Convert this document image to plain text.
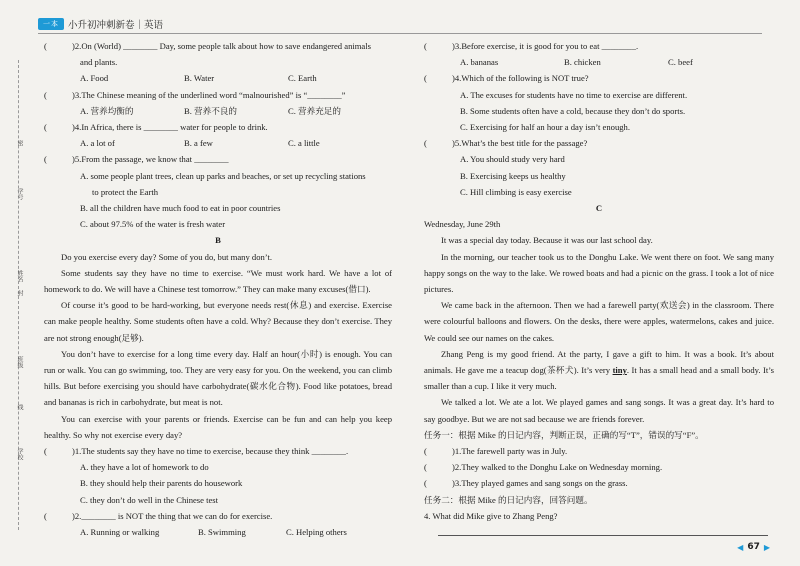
一本 小升初冲刺新卷｜英语
密
学号
姓名
封
班级
线
学校
(	)2. On (World) ________ Day, some people talk about how to save endangered animals
and plants.
A. Food	B. Water	C. Earth
(	)3. The Chinese meaning of the underlined word “malnourished” is “________”
A. 营养均衡的	B. 营养不良的	C. 营养充足的
(	)4. In Africa, there is ________ water for people to drink.
A. a lot of	B. a few	C. a little
(	)5. From the passage, we know that ________
A. some people plant trees, clean up parks and beaches, or set up recycling stations
to protect the Earth
B. all the children have much food to eat in poor countries
C. about 97.5% of the water is fresh water
B
Do you exercise every day? Some of you do, but many don’t.
Some students say they have no time to exercise. “We must work hard. We have a lot of homework to do. We will have a Chinese test tomorrow.” They can make many excuses(借口).
Of course it’s good to be hard-working, but everyone needs rest(休息) and exercise. Exercise can make people healthy. Some students often have a cold. Why? Because they don’t exercise. They are not strong enough(足够).
You don’t have to exercise for a long time every day. Half an hour(小时) is enough. You can run or walk. You can go swimming, too. They are very easy for you. On the weekend, you can climb hills. But before exercising you should have carbohydrate(碳水化合物). Food like potatoes, bread and bananas is rich in carbohydrate, but meat is not.
You can exercise with your parents or friends. Exercise can be fun and can help you keep healthy. So why not exercise every day?
(	)1. The students say they have no time to exercise, because they think ________.
A. they have a lot of homework to do
B. they should help their parents do housework
C. they don’t do well in the Chinese test
(	)2. ________ is NOT the thing that we can do for exercise.
A. Running or walking	B. Swimming	C. Helping others
(	)3. Before exercise, it is good for you to eat ________.
A. bananas	B. chicken	C. beef
(	)4. Which of the following is NOT true?
A. The excuses for students have no time to exercise are different.
B. Some students often have a cold, because they don’t do sports.
C. Exercising for half an hour a day isn’t enough.
(	)5. What’s the best title for the passage?
A. You should study very hard
B. Exercising keeps us healthy
C. Hill climbing is easy exercise
C
Wednesday, June 29th
It was a special day today. Because it was our last school day.
In the morning, our teacher took us to the Donghu Lake. We went there on foot. We sang many happy songs on the way to the lake. We rowed boats and had a picnic on the grass. I took a lot of nice pictures.
We came back in the afternoon. Then we had a farewell party(欢送会) in the classroom. There were colourful balloons and flowers. On the desks, there were apples, watermelons, cakes and juice. We could see our names on the cakes.
Zhang Peng is my good friend. At the party, I gave a gift to him. It was a book. It’s about animals. He gave me a teacup dog(茶杯犬). It’s very tiny. It has a small head and a small body. It’s smaller than a cup. I like it very much.
We talked a lot. We ate a lot. We played games and sang songs. It was a great day. It’s hard to say goodbye. But we are not sad because we are friends forever.
任务一：根据 Mike 的日记内容，判断正误，正确的写“T”，错误的写“F”。
(	)1. The farewell party was in July.
(	)2. They walked to the Donghu Lake on Wednesday morning.
(	)3. They played games and sang songs on the grass.
任务二：根据 Mike 的日记内容，回答问题。
4. What did Mike give to Zhang Peng?
◀ 67 ▶
